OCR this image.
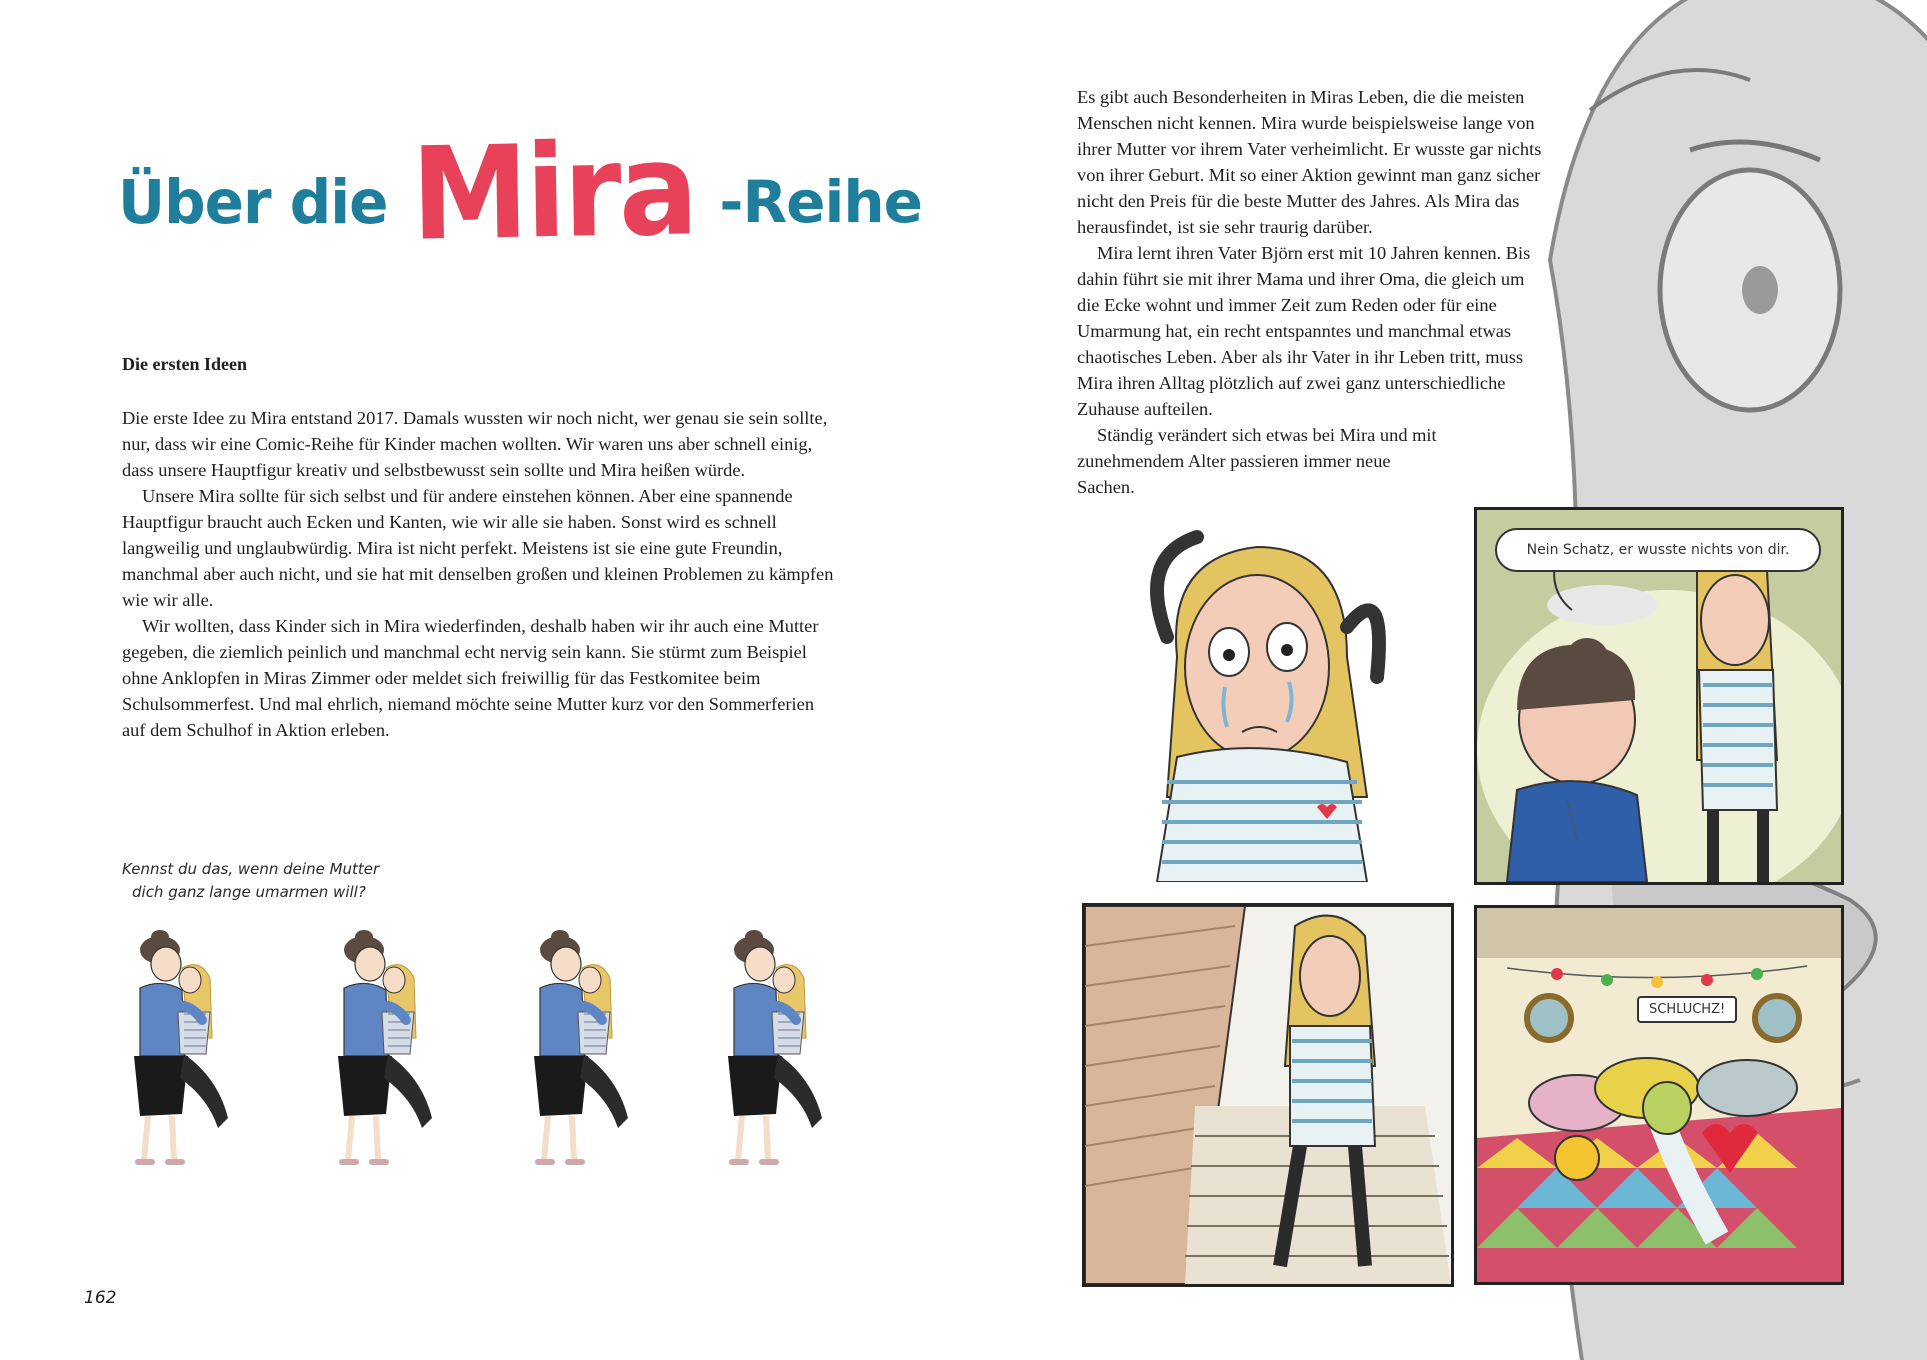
Über die Mira -Reihe
Die ersten Ideen

Die erste Idee zu Mira entstand 2017. Damals wussten wir noch nicht, wer genau sie sein sollte, nur, dass wir eine Comic-Reihe für Kinder machen wollten. Wir waren uns aber schnell einig, dass unsere Hauptfigur kreativ und selbstbewusst sein sollte und Mira heißen würde.

Unsere Mira sollte für sich selbst und für andere einstehen können. Aber eine spannende Hauptfigur braucht auch Ecken und Kanten, wie wir alle sie haben. Sonst wird es schnell langweilig und unglaubwürdig. Mira ist nicht perfekt. Meistens ist sie eine gute Freundin, manchmal aber auch nicht, und sie hat mit denselben großen und kleinen Problemen zu kämpfen wie wir alle.

Wir wollten, dass Kinder sich in Mira wiederfinden, deshalb haben wir ihr auch eine Mutter gegeben, die ziemlich peinlich und manchmal echt nervig sein kann. Sie stürmt zum Beispiel ohne Anklopfen in Miras Zimmer oder meldet sich freiwillig für das Festkomitee beim Schulsommerfest. Und mal ehrlich, niemand möchte seine Mutter kurz vor den Sommerferien auf dem Schulhof in Aktion erleben.

Es gibt auch Besonderheiten in Miras Leben, die die meisten Menschen nicht kennen. Mira wurde beispielsweise lange von ihrer Mutter vor ihrem Vater verheimlicht. Er wusste gar nichts von ihrer Geburt. Mit so einer Aktion gewinnt man ganz sicher nicht den Preis für die beste Mutter des Jahres. Als Mira das herausfindet, ist sie sehr traurig darüber.

Mira lernt ihren Vater Björn erst mit 10 Jahren kennen. Bis dahin führt sie mit ihrer Mama und ihrer Oma, die gleich um die Ecke wohnt und immer Zeit zum Reden oder für eine Umarmung hat, ein recht entspanntes und manchmal etwas chaotisches Leben. Aber als ihr Vater in ihr Leben tritt, muss Mira ihren Alltag plötzlich auf zwei ganz unterschiedliche Zuhause aufteilen.

Ständig verändert sich etwas bei Mira und mit zunehmendem Alter passieren immer neue Sachen.

Kennst du das, wenn deine Mutter
dich ganz lange umarmen will?
Nein Schatz, er wusste nichts von dir.
SCHLUCHZ!
162
